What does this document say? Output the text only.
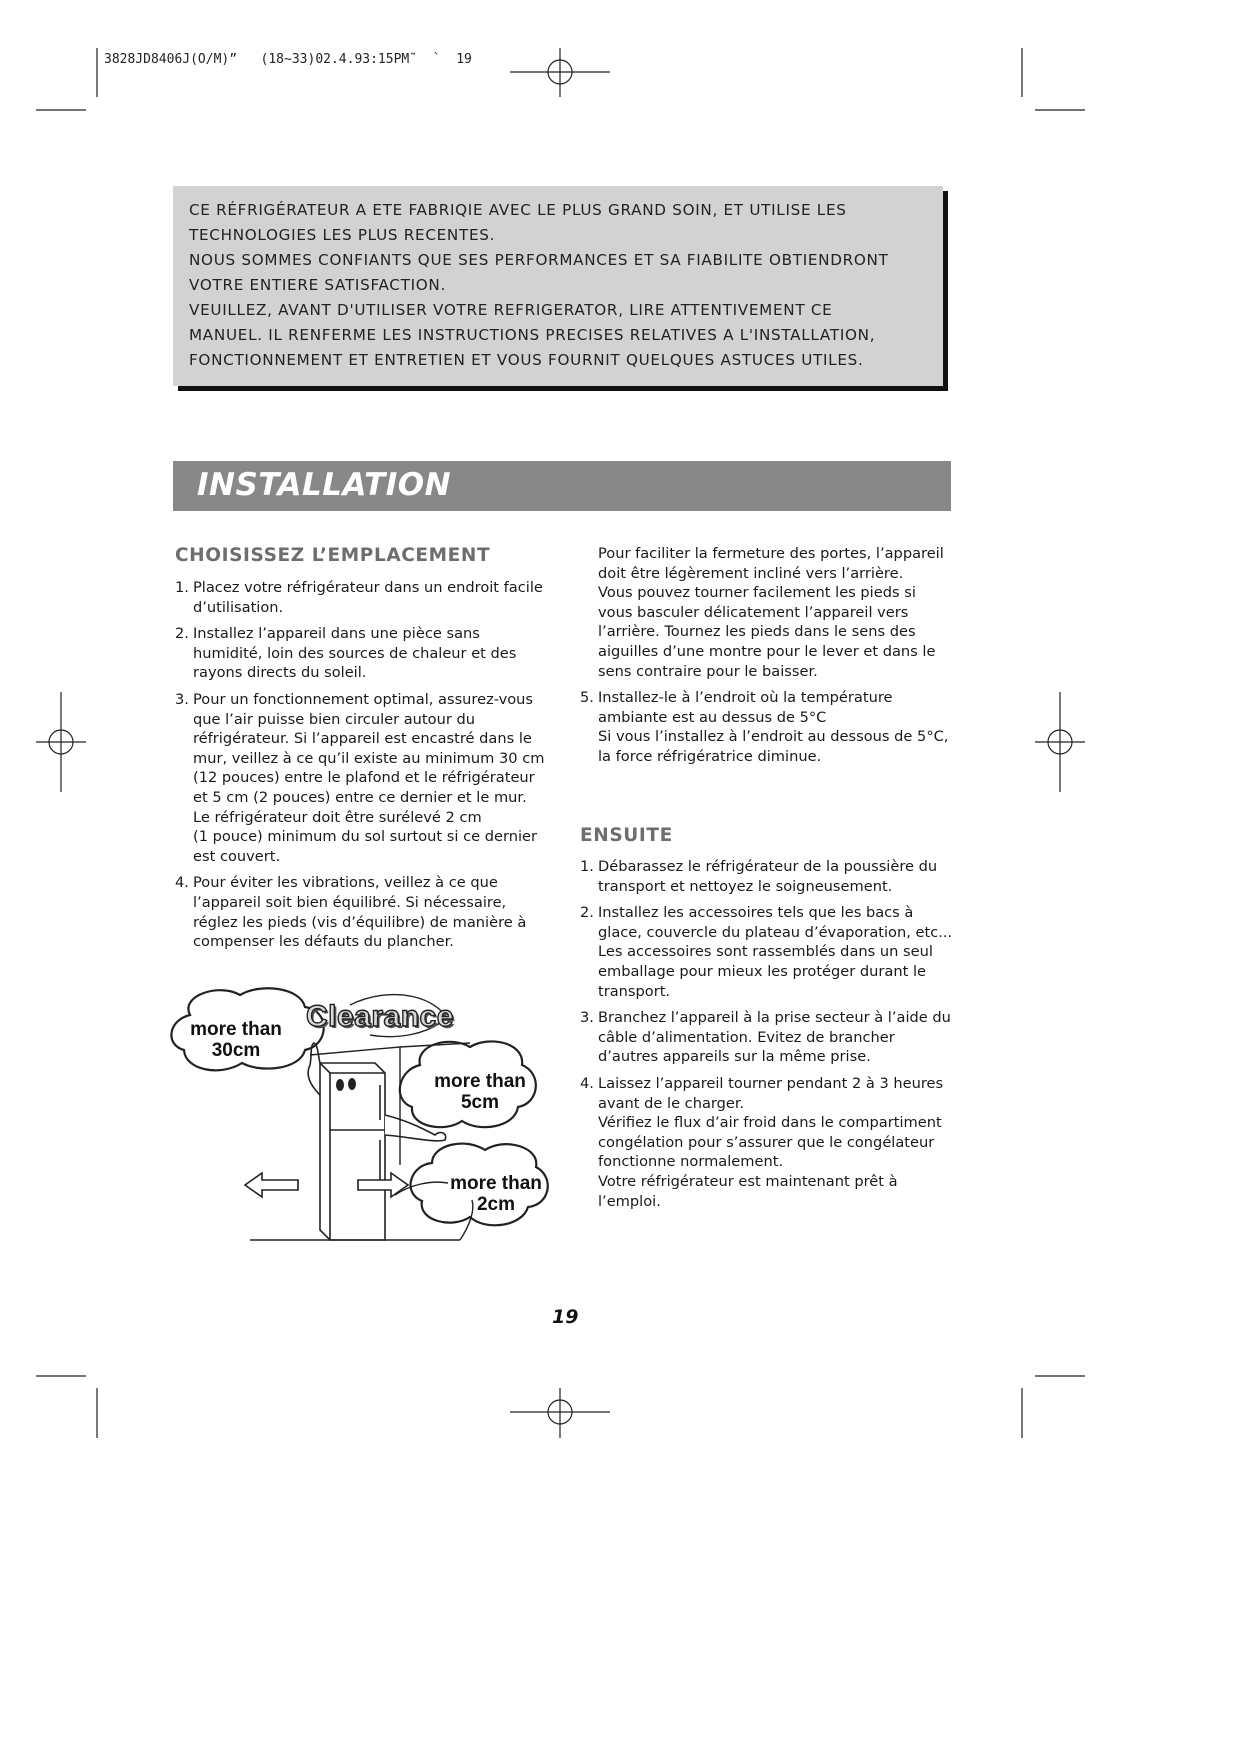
3828JD8406J(O/M)”   (18~33)02.4.93:15PM˜  `  19

CE RÉFRIGÉRATEUR A ETE FABRIQIE AVEC LE PLUS GRAND SOIN, ET UTILISE LES

TECHNOLOGIES LES PLUS RECENTES.

NOUS SOMMES CONFIANTS QUE SES PERFORMANCES ET SA FIABILITE OBTIENDRONT

VOTRE ENTIERE SATISFACTION.

VEUILLEZ, AVANT D'UTILISER VOTRE REFRIGERATOR, LIRE ATTENTIVEMENT CE

MANUEL. IL RENFERME LES INSTRUCTIONS PRECISES RELATIVES A L'INSTALLATION,

FONCTIONNEMENT ET ENTRETIEN ET VOUS FOURNIT QUELQUES ASTUCES UTILES.

INSTALLATION
CHOISISSEZ L’EMPLACEMENT
1. Placez votre réfrigérateur dans un endroit facile
d’utilisation.
2. Installez l’appareil dans une pièce sans
humidité, loin des sources de chaleur et des
rayons directs du soleil.
3. Pour un fonctionnement optimal, assurez-vous
que l’air puisse bien circuler autour du
réfrigérateur. Si l’appareil est encastré dans le
mur, veillez à ce qu’il existe au minimum 30 cm
(12 pouces) entre le plafond et le réfrigérateur
et 5 cm (2 pouces) entre ce dernier et le mur.
Le réfrigérateur doit être surélevé 2 cm
(1 pouce) minimum du sol surtout si ce dernier
est couvert.
4. Pour éviter les vibrations, veillez à ce que
l’appareil soit bien équilibré. Si nécessaire,
réglez les pieds (vis d’équilibre) de manière à
compenser les défauts du plancher.
Clearance
more than
30cm
more than
5cm
more than
2cm
Pour faciliter la fermeture des portes, l’appareil
doit être légèrement incliné vers l’arrière.
Vous pouvez tourner facilement les pieds si
vous basculer délicatement l’appareil vers
l’arrière. Tournez les pieds dans le sens des
aiguilles d’une montre pour le lever et dans le
sens contraire pour le baisser.
5. Installez-le à l’endroit où la température
ambiante est au dessus de 5°C
Si vous l’installez à l’endroit au dessous de 5°C,
la force réfrigératrice diminue.
ENSUITE
1. Débarassez le réfrigérateur de la poussière du
transport et nettoyez le soigneusement.
2. Installez les accessoires tels que les bacs à
glace, couvercle du plateau d’évaporation, etc...
Les accessoires sont rassemblés dans un seul
emballage pour mieux les protéger durant le
transport.
3. Branchez l’appareil à la prise secteur à l’aide du
câble d’alimentation. Evitez de brancher
d’autres appareils sur la même prise.
4. Laissez l’appareil tourner pendant 2 à 3 heures
avant de le charger.
Vérifiez le flux d’air froid dans le compartiment
congélation pour s’assurer que le congélateur
fonctionne normalement.
Votre réfrigérateur est maintenant prêt à
l’emploi.
19
